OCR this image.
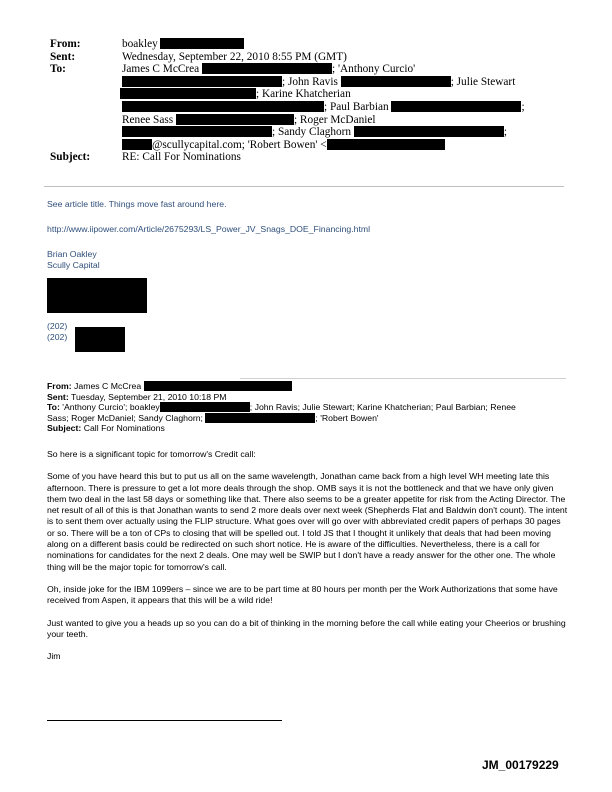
From:	boakley
Sent:	Wednesday, September 22, 2010 8:55 PM (GMT)
To:	James C McCrea	; 'Anthony Curcio'
; John Ravis	; Julie Stewart
; Karine Khatcherian
; Paul Barbian	;
Renee Sass	; Roger McDaniel
; Sandy Claghorn	;
@scullycapital.com; 'Robert Bowen' <
Subject:	RE: Call For Nominations

See article title. Things move fast around here.

http://www.iipower.com/Article/2675293/LS_Power_JV_Snags_DOE_Financing.html

Brian Oakley

Scully Capital

(202)

(202)

From: James C McCrea
Sent: Tuesday, September 21, 2010 10:18 PM
To: 'Anthony Curcio'; boakley	; John Ravis; Julie Stewart; Karine Khatcherian; Paul Barbian; Renee
Sass; Roger McDaniel; Sandy Claghorn;	; 'Robert Bowen'
Subject: Call For Nominations

So here is a significant topic for tomorrow's Credit call:

Some of you have heard this but to put us all on the same wavelength, Jonathan came back from a high level WH meeting late this afternoon. There is pressure to get a lot more deals through the shop. OMB says it is not the bottleneck and that we have only given them two deal in the last 58 days or something like that. There also seems to be a greater appetite for risk from the Acting Director. The net result of all of this is that Jonathan wants to send 2 more deals over next week (Shepherds Flat and Baldwin don't count). The intent is to sent them over actually using the FLIP structure. What goes over will go over with abbreviated credit papers of perhaps 30 pages or so. There will be a ton of CPs to closing that will be spelled out. I told JS that I thought it unlikely that deals that had been moving along on a different basis could be redirected on such short notice. He is aware of the difficulties. Nevertheless, there is a call for nominations for candidates for the next 2 deals. One may well be SWIP but I don't have a ready answer for the other one. The whole thing will be the major topic for tomorrow's call.

Oh, inside joke for the IBM 1099ers – since we are to be part time at 80 hours per month per the Work Authorizations that some have received from Aspen, it appears that this will be a wild ride!

Just wanted to give you a heads up so you can do a bit of thinking in the morning before the call while eating your Cheerios or brushing your teeth.

Jim

JM_00179229
